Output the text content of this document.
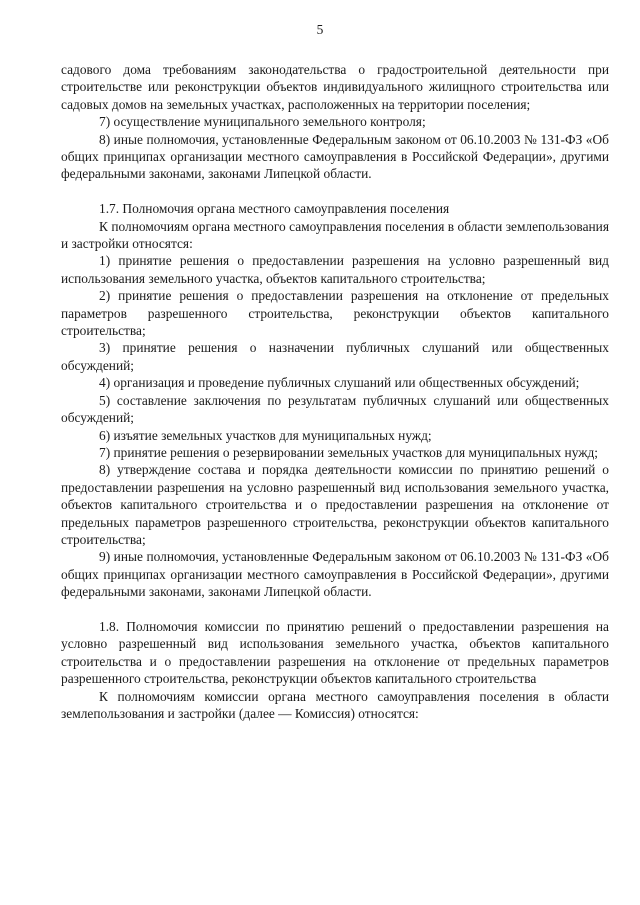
5

садового дома требованиям законодательства о градостроительной деятельности при строительстве или реконструкции объектов индивидуального жилищного строительства или садовых домов на земельных участках, расположенных на территории поселения;

7) осуществление муниципального земельного контроля;

8) иные полномочия, установленные Федеральным законом от 06.10.2003 № 131-ФЗ «Об общих принципах организации местного самоуправления в Российской Федерации», другими федеральными законами, законами Липецкой области.

1.7. Полномочия органа местного самоуправления поселения

К полномочиям органа местного самоуправления поселения в области землепользования и застройки относятся:

1) принятие решения о предоставлении разрешения на условно разрешенный вид использования земельного участка, объектов капитального строительства;

2) принятие решения о предоставлении разрешения на отклонение от предельных параметров разрешенного строительства, реконструкции объектов капитального строительства;

3) принятие решения о назначении публичных слушаний или общественных обсуждений;

4) организация и проведение публичных слушаний или общественных обсуждений;

5) составление заключения по результатам публичных слушаний или общественных обсуждений;

6) изъятие земельных участков для муниципальных нужд;

7) принятие решения о резервировании земельных участков для муниципальных нужд;

8) утверждение состава и порядка деятельности комиссии по принятию решений о предоставлении разрешения на условно разрешенный вид использования земельного участка, объектов капитального строительства и о предоставлении разрешения на отклонение от предельных параметров разрешенного строительства, реконструкции объектов капитального строительства;

9) иные полномочия, установленные Федеральным законом от 06.10.2003 № 131-ФЗ «Об общих принципах организации местного самоуправления в Российской Федерации», другими федеральными законами, законами Липецкой области.

1.8. Полномочия комиссии по принятию решений о предоставлении разрешения на условно разрешенный вид использования земельного участка, объектов капитального строительства и о предоставлении разрешения на отклонение от предельных параметров разрешенного строительства, реконструкции объектов капитального строительства

К полномочиям комиссии органа местного самоуправления поселения в области землепользования и застройки (далее — Комиссия) относятся:
